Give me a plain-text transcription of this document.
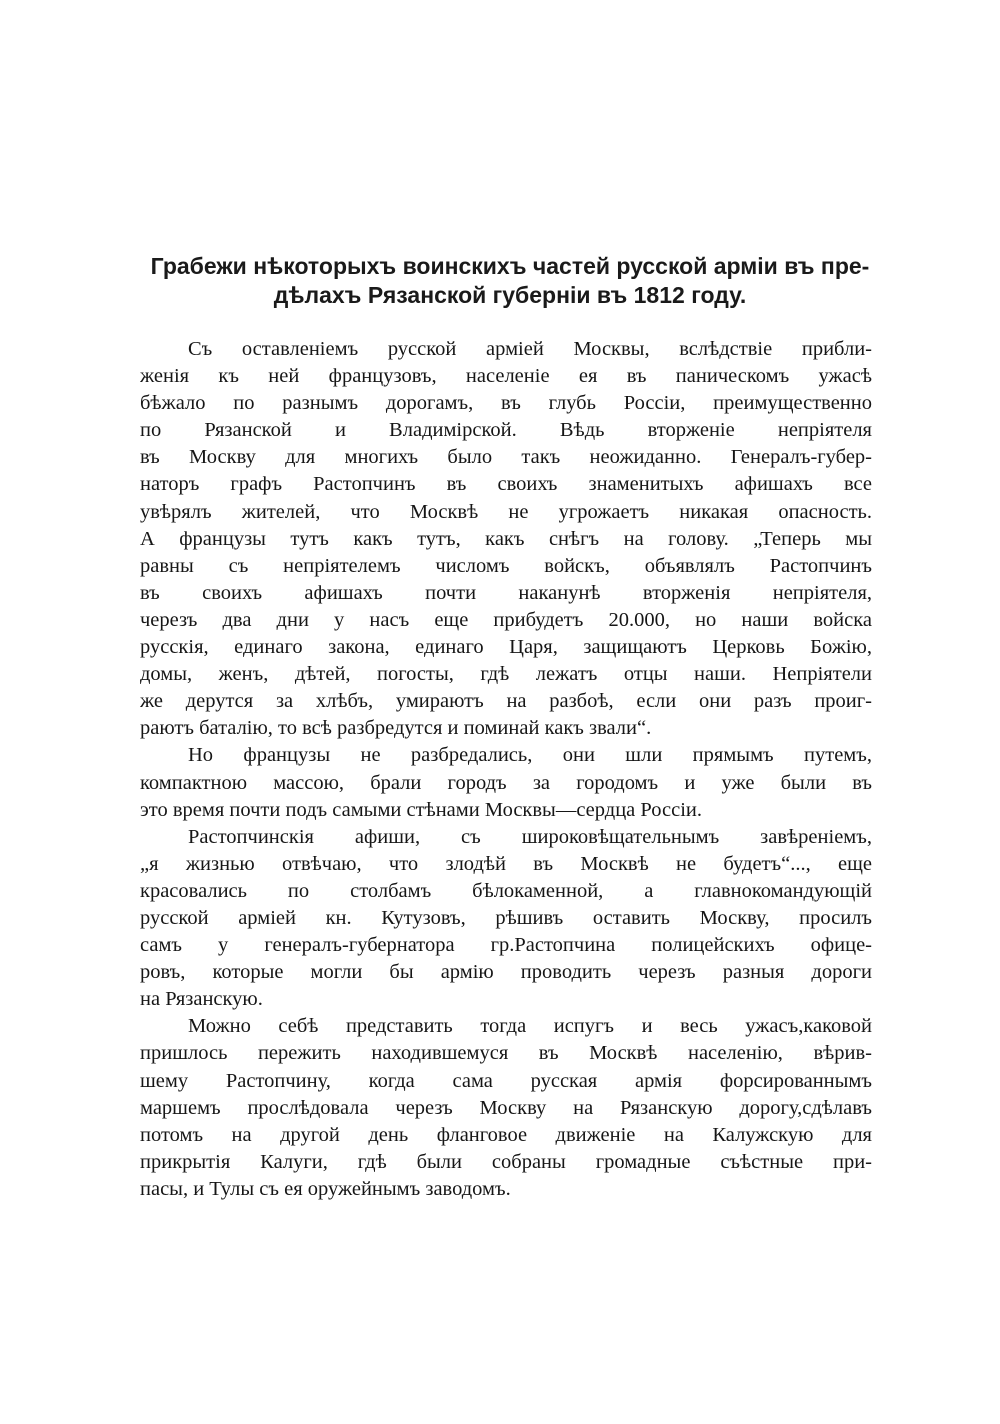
Грабежи нѣкоторыхъ воинскихъ частей русской арміи въ пре-
дѣлахъ Рязанской губерніи въ 1812 году.
Съ оставленіемъ русской арміей Москвы, вслѣдствіе прибли-
женія къ ней французовъ, населеніе ея въ паническомъ ужасѣ
бѣжало по разнымъ дорогамъ, въ глубь Россіи, преимущественно
по Рязанской и Владимірской. Вѣдь вторженіе непріятеля
въ Москву для многихъ было такъ неожиданно. Генералъ-губер-
наторъ графъ Растопчинъ въ своихъ знаменитыхъ афишахъ все
увѣрялъ жителей, что Москвѣ не угрожаетъ никакая опасность.
А французы тутъ какъ тутъ, какъ снѣгъ на голову. „Теперь мы
равны съ непріятелемъ числомъ войскъ, объявлялъ Растопчинъ
въ своихъ афишахъ почти наканунѣ вторженія непріятеля,
черезъ два дни у насъ еще прибудетъ 20.000, но наши войска
русскія, единаго закона, единаго Царя, защищаютъ Церковь Божію,
домы, женъ, дѣтей, погосты, гдѣ лежатъ отцы наши. Непріятели
же дерутся за хлѣбъ, умираютъ на разбоѣ, если они разъ проиг-
раютъ баталію, то всѣ разбредутся и поминай какъ звали“.
Но французы не разбредались, они шли прямымъ путемъ,
компактною массою, брали городъ за городомъ и уже были въ
это время почти подъ самыми стѣнами Москвы—сердца Россіи.
Растопчинскія афиши, съ широковѣщательнымъ завѣреніемъ,
„я жизнью отвѣчаю, что злодѣй въ Москвѣ не будетъ“..., еще
красовались по столбамъ бѣлокаменной, а главнокомандующій
русской арміей кн. Кутузовъ, рѣшивъ оставить Москву, просилъ
самъ у генералъ-губернатора гр.Растопчина полицейскихъ офице-
ровъ, которые могли бы армію проводить черезъ разныя дороги
на Рязанскую.
Можно себѣ представить тогда испугъ и весь ужасъ,каковой
пришлось пережить находившемуся въ Москвѣ населенію, вѣрив-
шему Растопчину, когда сама русская армія форсированнымъ
маршемъ прослѣдовала черезъ Москву на Рязанскую дорогу,сдѣлавъ
потомъ на другой день фланговое движеніе на Калужскую для
прикрытія Калуги, гдѣ были собраны громадные съѣстные при-
пасы, и Тулы съ ея оружейнымъ заводомъ.
